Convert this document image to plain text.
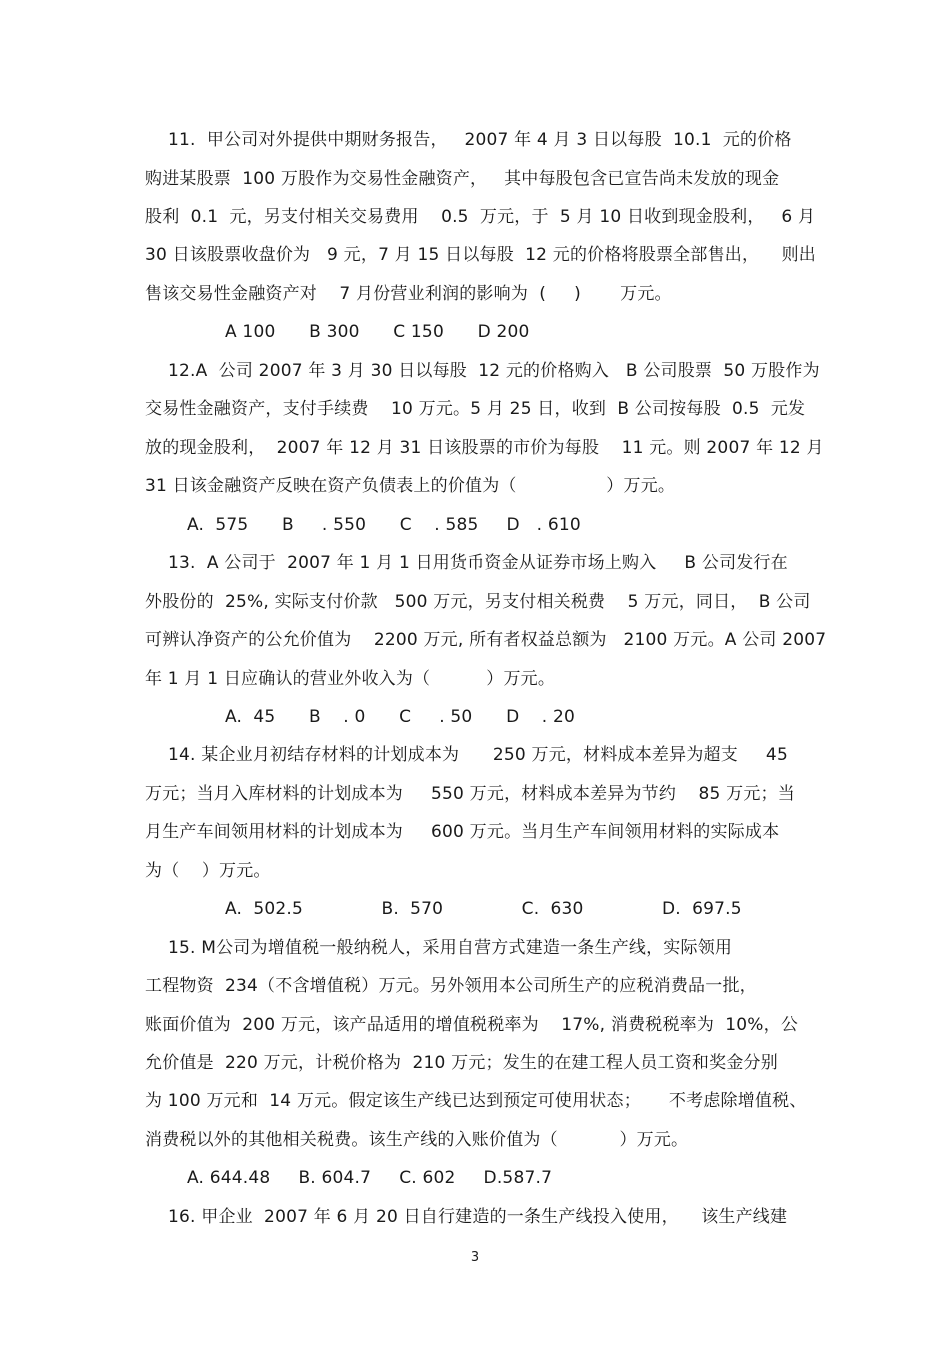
11.  甲公司对外提供中期财务报告，   2007 年 4 月 3 日以每股  10.1  元的价格
购进某股票  100 万股作为交易性金融资产，   其中每股包含已宣告尚未发放的现金
股利  0.1  元，另支付相关交易费用    0.5  万元，于  5 月 10 日收到现金股利，   6 月
30 日该股票收盘价为   9 元，7 月 15 日以每股  12 元的价格将股票全部售出，    则出
售该交易性金融资产对    7 月份营业利润的影响为  (     )       万元。
A 100      B 300      C 150      D 200
12.A  公司 2007 年 3 月 30 日以每股  12 元的价格购入   B 公司股票  50 万股作为
交易性金融资产，支付手续费    10 万元。5 月 25 日，收到  B 公司按每股  0.5  元发
放的现金股利，  2007 年 12 月 31 日该股票的市价为每股    11 元。则 2007 年 12 月
31 日该金融资产反映在资产负债表上的价值为（                ）万元。
A.  575      B     . 550      C    . 585     D   . 610
13.  A 公司于  2007 年 1 月 1 日用货币资金从证券市场上购入     B 公司发行在
外股份的  25%, 实际支付价款   500 万元，另支付相关税费    5 万元，同日，  B 公司
可辨认净资产的公允价值为    2200 万元, 所有者权益总额为   2100 万元。A 公司 2007
年 1 月 1 日应确认的营业外收入为（          ）万元。
A.  45      B    . 0      C     . 50      D    . 20
14. 某企业月初结存材料的计划成本为      250 万元，材料成本差异为超支     45
万元；当月入库材料的计划成本为     550 万元，材料成本差异为节约    85 万元；当
月生产车间领用材料的计划成本为     600 万元。当月生产车间领用材料的实际成本
为（    ）万元。
A.  502.5              B.  570              C.  630              D.  697.5
15. M公司为增值税一般纳税人，采用自营方式建造一条生产线，实际领用
工程物资  234（不含增值税）万元。另外领用本公司所生产的应税消费品一批，
账面价值为  200 万元，该产品适用的增值税税率为    17%, 消费税税率为  10%，公
允价值是  220 万元，计税价格为  210 万元；发生的在建工程人员工资和奖金分别
为 100 万元和  14 万元。假定该生产线已达到预定可使用状态；     不考虑除增值税、
消费税以外的其他相关税费。该生产线的入账价值为（           ）万元。
A. 644.48     B. 604.7     C. 602     D.587.7
16. 甲企业  2007 年 6 月 20 日自行建造的一条生产线投入使用，    该生产线建
3
